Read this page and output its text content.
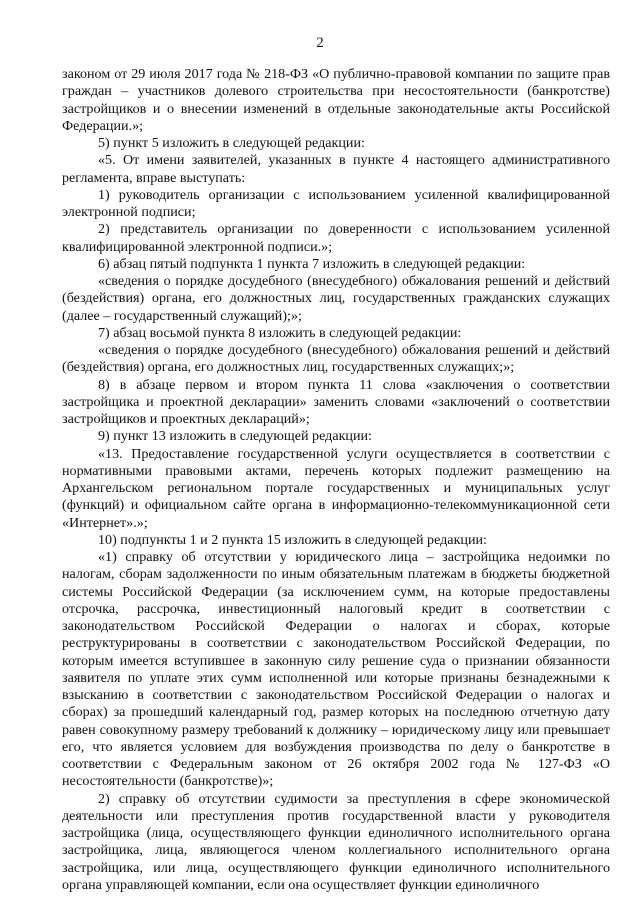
2

законом от 29 июля 2017 года № 218-ФЗ «О публично-правовой компании по защите прав граждан – участников долевого строительства при несостоятельности (банкротстве) застройщиков и о внесении изменений в отдельные законодательные акты Российской Федерации.»;

5) пункт 5 изложить в следующей редакции:

«5. От имени заявителей, указанных в пункте 4 настоящего административного регламента, вправе выступать:

1) руководитель организации с использованием усиленной квалифицированной электронной подписи;

2) представитель организации по доверенности с использованием усиленной квалифицированной электронной подписи.»;

6) абзац пятый подпункта 1 пункта 7 изложить в следующей редакции:

«сведения о порядке досудебного (внесудебного) обжалования решений и действий (бездействия) органа, его должностных лиц, государственных гражданских служащих (далее – государственный служащий);»;

7) абзац восьмой пункта 8 изложить в следующей редакции:

«сведения о порядке досудебного (внесудебного) обжалования решений и действий (бездействия) органа, его должностных лиц, государственных служащих;»;

8) в абзаце первом и втором пункта 11 слова «заключения о соответствии застройщика и проектной декларации» заменить словами «заключений о соответствии застройщиков и проектных деклараций»;

9) пункт 13 изложить в следующей редакции:

«13. Предоставление государственной услуги осуществляется в соответствии с нормативными правовыми актами, перечень которых подлежит размещению на Архангельском региональном портале государственных и муниципальных услуг (функций) и официальном сайте органа в информационно-телекоммуникационной сети «Интернет».»;

10) подпункты 1 и 2 пункта 15 изложить в следующей редакции:

«1) справку об отсутствии у юридического лица – застройщика недоимки по налогам, сборам задолженности по иным обязательным платежам в бюджеты бюджетной системы Российской Федерации (за исключением сумм, на которые предоставлены отсрочка, рассрочка, инвестиционный налоговый кредит в соответствии с законодательством Российской Федерации о налогах и сборах, которые реструктурированы в соответствии с законодательством Российской Федерации, по которым имеется вступившее в законную силу решение суда о признании обязанности заявителя по уплате этих сумм исполненной или которые признаны безнадежными к взысканию в соответствии с законодательством Российской Федерации о налогах и сборах) за прошедший календарный год, размер которых на последнюю отчетную дату равен совокупному размеру требований к должнику – юридическому лицу или превышает его, что является условием для возбуждения производства по делу о банкротстве в соответствии с Федеральным законом от 26 октября 2002 года № 127-ФЗ «О несостоятельности (банкротстве)»;

2) справку об отсутствии судимости за преступления в сфере экономической деятельности или преступления против государственной власти у руководителя застройщика (лица, осуществляющего функции единоличного исполнительного органа застройщика, лица, являющегося членом коллегиального исполнительного органа застройщика, или лица, осуществляющего функции единоличного исполнительного органа управляющей компании, если она осуществляет функции единоличного
